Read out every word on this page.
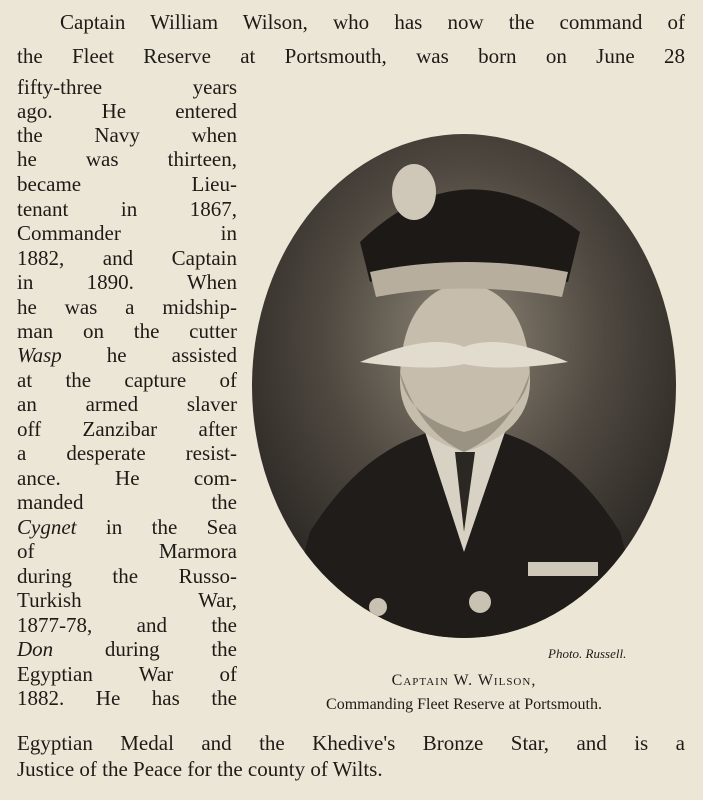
Captain William Wilson, who has now the command of
the Fleet Reserve at Portsmouth, was born on June 28
fifty-three years
ago. He entered
the Navy when
he was thirteen,
became Lieu-
tenant in 1867,
Commander in
1882, and Captain
in 1890. When
he was a midship-
man on the cutter
Wasp he assisted
at the capture of
an armed slaver
off Zanzibar after
a desperate resist-
ance. He com-
manded the
Cygnet in the Sea
of Marmora
during the Russo-
Turkish War,
1877-78, and the
Don during the
Egyptian War of
1882. He has the
Egyptian Medal and the Khedive's Bronze Star, and is a
Justice of the Peace for the county of Wilts.
Photo. Russell.
Captain W. Wilson,
Commanding Fleet Reserve at Portsmouth.
